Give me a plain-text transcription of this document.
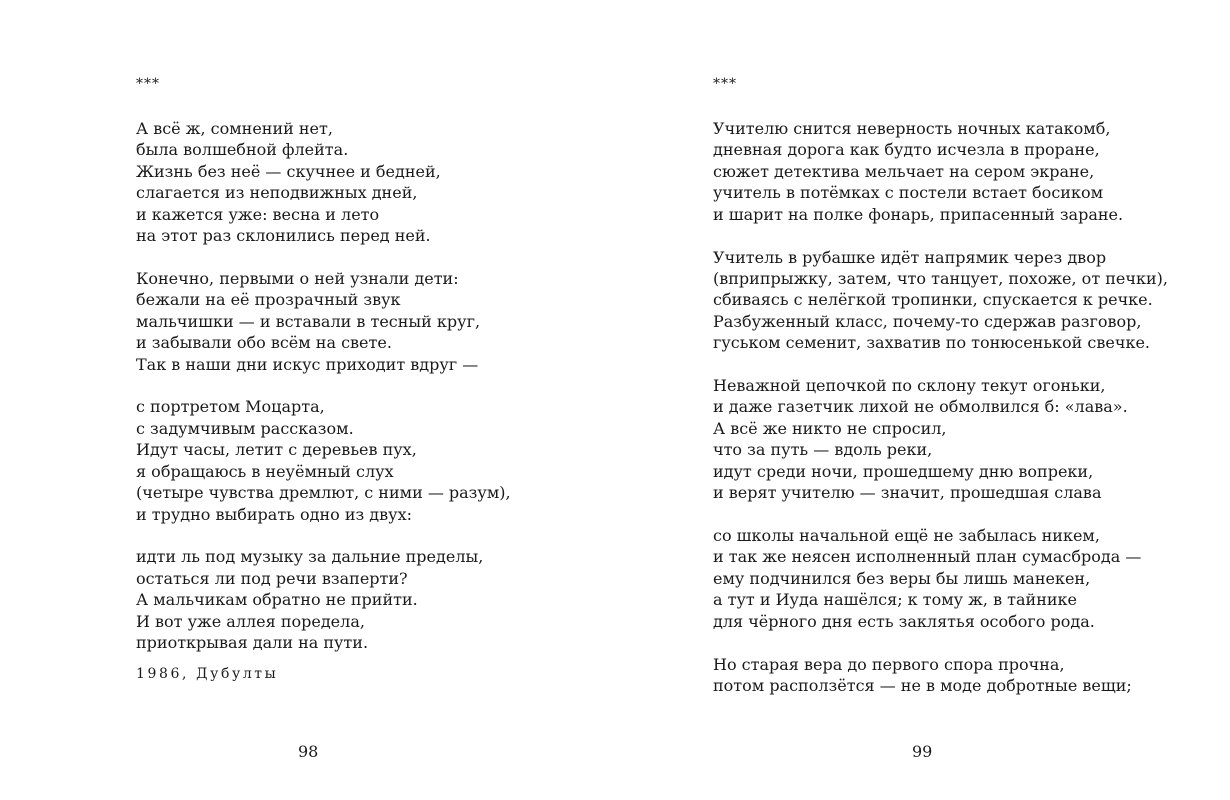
***
А всё ж, сомнений нет,
была волшебной флейта.
Жизнь без неё — скучнее и бедней,
слагается из неподвижных дней,
и кажется уже: весна и лето
на этот раз склонились перед ней.
Конечно, первыми о ней узнали дети:
бежали на её прозрачный звук
мальчишки — и вставали в тесный круг,
и забывали обо всём на свете.
Так в наши дни искус приходит вдруг —
с портретом Моцарта,
с задумчивым рассказом.
Идут часы, летит с деревьев пух,
я обращаюсь в неуёмный слух
(четыре чувства дремлют, с ними — разум),
и трудно выбирать одно из двух:
идти ль под музыку за дальние пределы,
остаться ли под речи взаперти?
А мальчикам обратно не прийти.
И вот уже аллея поредела,
приоткрывая дали на пути.
1986, Дубулты
98
***
Учителю снится неверность ночных катакомб,
дневная дорога как будто исчезла в проране,
сюжет детектива мельчает на сером экране,
учитель в потёмках с постели встает босиком
и шарит на полке фонарь, припасенный заране.
Учитель в рубашке идёт напрямик через двор
(вприпрыжку, затем, что танцует, похоже, от печки),
сбиваясь с нелёгкой тропинки, спускается к речке.
Разбуженный класс, почему-то сдержав разговор,
гуськом семенит, захватив по тонюсенькой свечке.
Неважной цепочкой по склону текут огоньки,
и даже газетчик лихой не обмолвился б: «лава».
А всё же никто не спросил,
что за путь — вдоль реки,
идут среди ночи, прошедшему дню вопреки,
и верят учителю — значит, прошедшая слава
со школы начальной ещё не забылась никем,
и так же неясен исполненный план сумасброда —
ему подчинился без веры бы лишь манекен,
а тут и Иуда нашёлся; к тому ж, в тайнике
для чёрного дня есть заклятья особого рода.
Но старая вера до первого спора прочна,
потом расползётся — не в моде добротные вещи;
99
